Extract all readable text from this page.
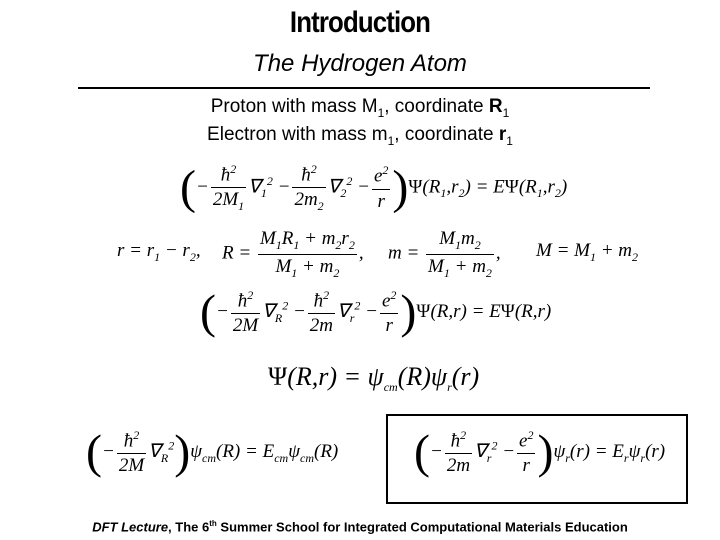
Introduction
The Hydrogen Atom
Proton with mass $M_1$, coordinate $R_1$
Electron with mass $m_1$, coordinate $r_1$
(− $\frac{ħ^2}{2M_1} \nabla_1^2 - \frac{ħ^2}{2m_2} \nabla_2^2 - \frac{e^2}{r} )\Psi(R_1,r_2) = E\Psi(R_1,r_2)$
$r = r_1 - r_2$, $R = \frac{M_1R_1 + m_2r_2}{M_1 + m_2}$ , $m = \frac{M_1m_2}{M_1 + m_2}$ , $M = M_1 + m_2$
(− $\frac{ħ^2}{2M} \nabla_R^2 - \frac{ħ^2}{2m} \nabla_r^2 - \frac{e^2}{r} )\Psi(R,r) = E\Psi(R,r)$
$\Psi(R,r) = \psi_{cm}(R)\psi_r(r)$
(− $\frac{ħ^2}{2M} \nabla_R^2)\psi_{cm}(R) = E_{cm}\psi_{cm}(R)$ (− $\frac{ħ^2}{2m} \nabla_r^2 - \frac{e^2}{r} )\psi_r(r) = E_r\psi_r(r)$
DFT Lecture, The 6th Summer School for Integrated Computational Materials Education
